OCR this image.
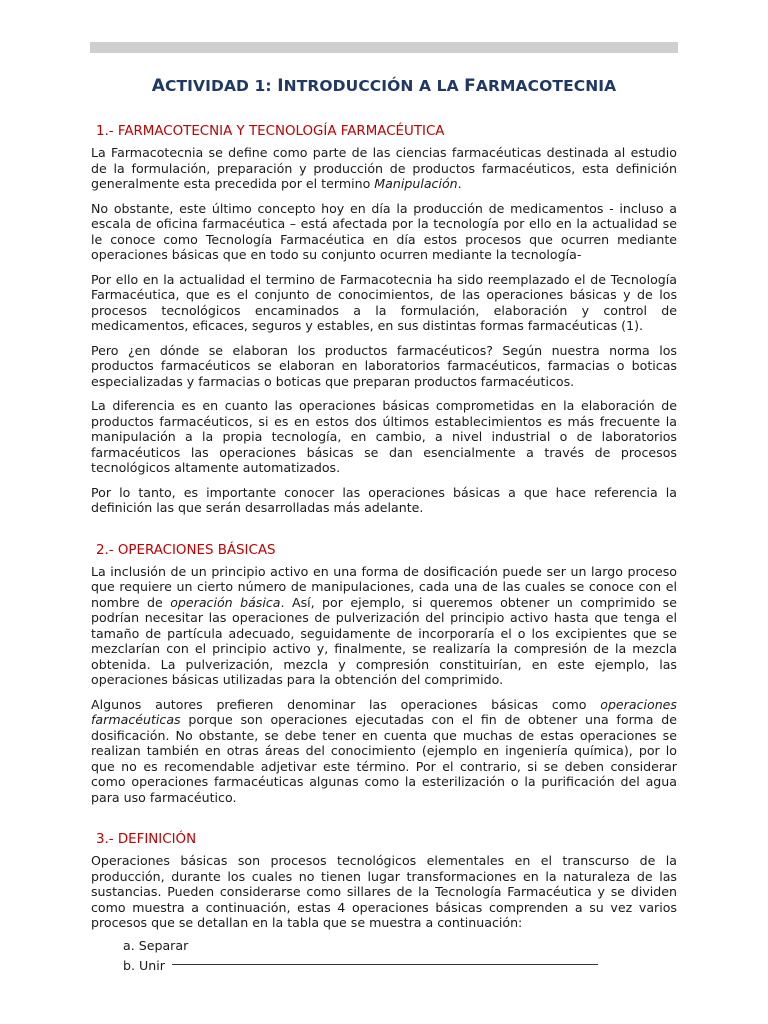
ACTIVIDAD 1: INTRODUCCIÓN A LA FARMACOTECNIA
1.- FARMACOTECNIA Y TECNOLOGÍA FARMACÉUTICA

La Farmacotecnia se define como parte de las ciencias farmacéuticas destinada al estudio de la formulación, preparación y producción de productos farmacéuticos, esta definición generalmente esta precedida por el termino Manipulación.

No obstante, este último concepto hoy en día la producción de medicamentos - incluso a escala de oficina farmacéutica – está afectada por la tecnología por ello en la actualidad se le conoce como Tecnología Farmacéutica en día estos procesos que ocurren mediante operaciones básicas que en todo su conjunto ocurren mediante la tecnología-

Por ello en la actualidad el termino de Farmacotecnia ha sido reemplazado el de Tecnología Farmacéutica, que es el conjunto de conocimientos, de las operaciones básicas y de los procesos tecnológicos encaminados a la formulación, elaboración y control de medicamentos, eficaces, seguros y estables, en sus distintas formas farmacéuticas (1).

Pero ¿en dónde se elaboran los productos farmacéuticos? Según nuestra norma los productos farmacéuticos se elaboran en laboratorios farmacéuticos, farmacias o boticas especializadas y farmacias o boticas que preparan productos farmacéuticos.

La diferencia es en cuanto las operaciones básicas comprometidas en la elaboración de productos farmacéuticos, si es en estos dos últimos establecimientos es más frecuente la manipulación a la propia tecnología, en cambio, a nivel industrial o de laboratorios farmacéuticos las operaciones básicas se dan esencialmente a través de procesos tecnológicos altamente automatizados.

Por lo tanto, es importante conocer las operaciones básicas a que hace referencia la definición las que serán desarrolladas más adelante.

2.- OPERACIONES BÁSICAS

La inclusión de un principio activo en una forma de dosificación puede ser un largo proceso que requiere un cierto número de manipulaciones, cada una de las cuales se conoce con el nombre de operación básica. Así, por ejemplo, si queremos obtener un comprimido se podrían necesitar las operaciones de pulverización del principio activo hasta que tenga el tamaño de partícula adecuado, seguidamente de incorporaría el o los excipientes que se mezclarían con el principio activo y, finalmente, se realizaría la compresión de la mezcla obtenida. La pulverización, mezcla y compresión constituirían, en este ejemplo, las operaciones básicas utilizadas para la obtención del comprimido.

Algunos autores prefieren denominar las operaciones básicas como operaciones farmacéuticas porque son operaciones ejecutadas con el fin de obtener una forma de dosificación. No obstante, se debe tener en cuenta que muchas de estas operaciones se realizan también en otras áreas del conocimiento (ejemplo en ingeniería química), por lo que no es recomendable adjetivar este término. Por el contrario, si se deben considerar como operaciones farmacéuticas algunas como la esterilización o la purificación del agua para uso farmacéutico.

3.- DEFINICIÓN

Operaciones básicas son procesos tecnológicos elementales en el transcurso de la producción, durante los cuales no tienen lugar transformaciones en la naturaleza de las sustancias. Pueden considerarse como sillares de la Tecnología Farmacéutica y se dividen como muestra a continuación, estas 4 operaciones básicas comprenden a su vez varios procesos que se detallan en la tabla que se muestra a continuación:

a. Separar
b. Unir
